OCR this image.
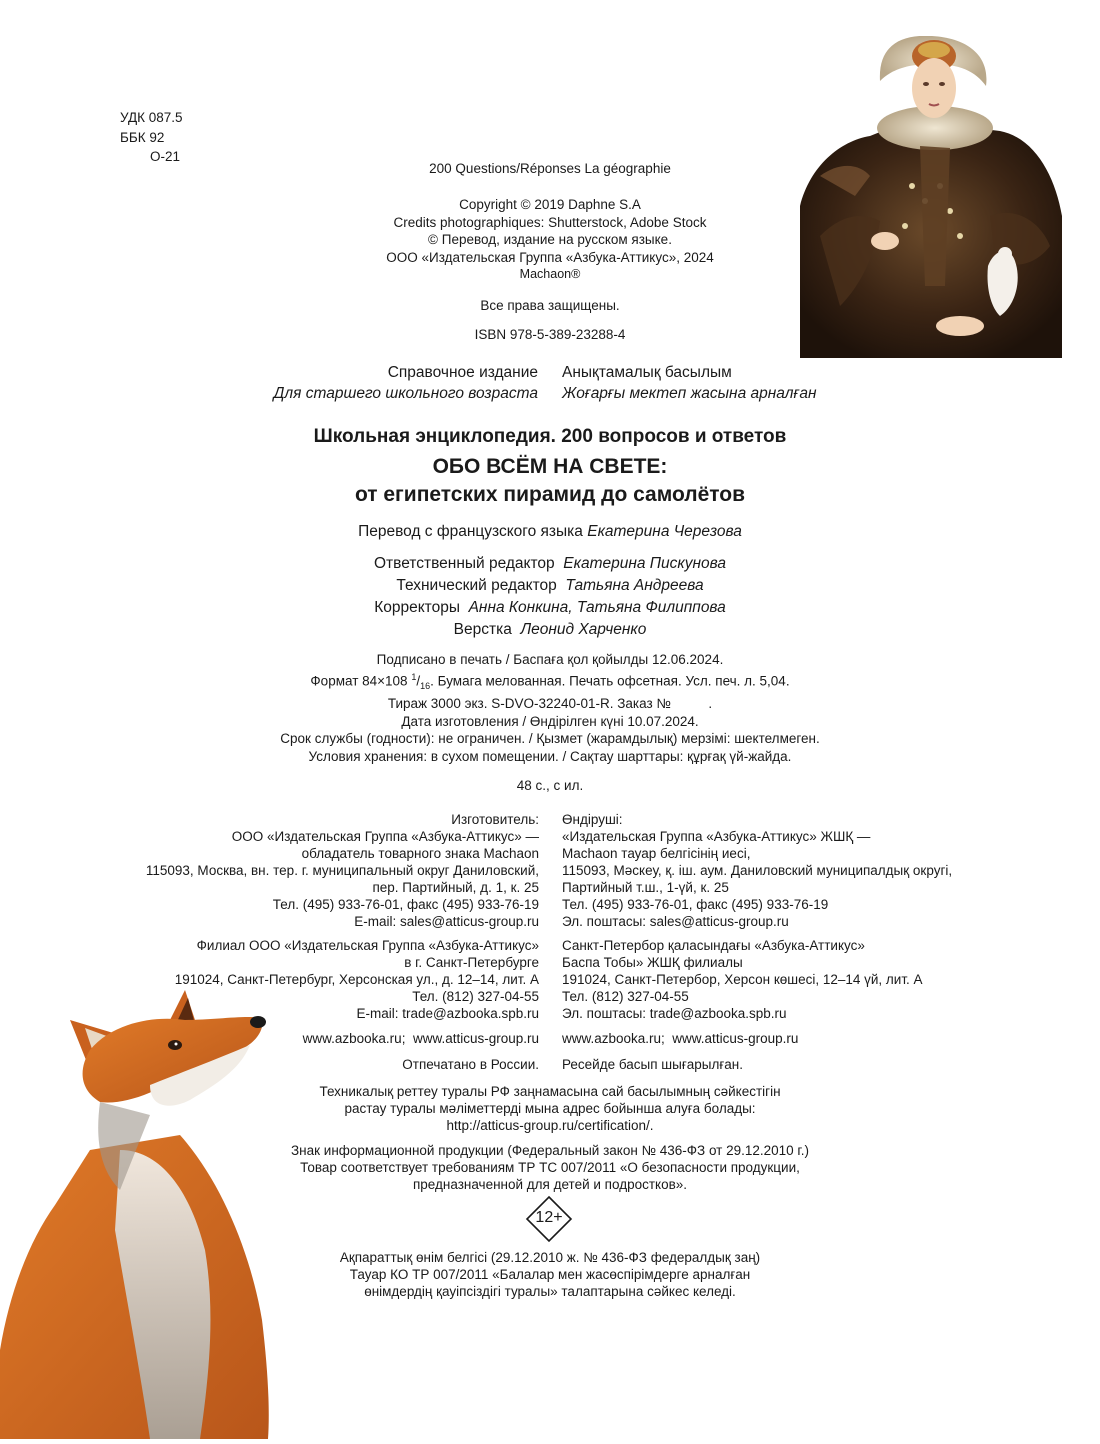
УДК 087.5
ББК 92
О-21
200 Questions/Réponses La géographie
Copyright © 2019 Daphne S.A
Credits photographiques: Shutterstock, Adobe Stock
© Перевод, издание на русском языке.
ООО «Издательская Группа «Азбука-Аттикус», 2024
Machaon®
Все права защищены.
ISBN 978-5-389-23288-4
Справочное издание
Для старшего школьного возраста
Анықтамалық басылым
Жоғарғы мектеп жасына арналған
Школьная энциклопедия. 200 вопросов и ответов
ОБО ВСЁМ НА СВЕТЕ:
от египетских пирамид до самолётов
Перевод с французского языка Екатерина Черезова
Ответственный редактор Екатерина Пискунова
Технический редактор Татьяна Андреева
Корректоры Анна Конкина, Татьяна Филиппова
Верстка Леонид Харченко
Подписано в печать / Баспаға қол қойылды 12.06.2024.
Формат 84×108 $^1/_{16}$. Бумага мелованная. Печать офсетная. Усл. печ. л. 5,04.
Тираж 3000 экз. S-DVO-32240-01-R. Заказ №          .
Дата изготовления / Өндірілген күні 10.07.2024.
Срок службы (годности): не ограничен. / Қызмет (жарамдылық) мерзімі: шектелмеген.
Условия хранения: в сухом помещении. / Сақтау шарттары: құрғақ үй-жайда.
48 с., с ил.
Изготовитель:
ООО «Издательская Группа «Азбука-Аттикус» —
обладатель товарного знака Machaon
115093, Москва, вн. тер. г. муниципальный округ Даниловский,
пер. Партийный, д. 1, к. 25
Тел. (495) 933-76-01, факс (495) 933-76-19
E-mail: sales@atticus-group.ru
Өндіруші:
«Издательская Группа «Азбука-Аттикус» ЖШҚ —
Machaon тауар белгісінің иесі,
115093, Мәскеу, қ. іш. аум. Даниловский муниципалдық округі,
Партийный т.ш., 1-үй, к. 25
Тел. (495) 933-76-01, факс (495) 933-76-19
Эл. поштасы: sales@atticus-group.ru
Филиал ООО «Издательская Группа «Азбука-Аттикус»
в г. Санкт-Петербурге
191024, Санкт-Петербург, Херсонская ул., д. 12–14, лит. А
Тел. (812) 327-04-55
E-mail: trade@azbooka.spb.ru
Санкт-Петербор қаласындағы «Азбука-Аттикус»
Баспа Тобы» ЖШҚ филиалы
191024, Санкт-Петербор, Херсон көшесі, 12–14 үй, лит. А
Тел. (812) 327-04-55
Эл. поштасы: trade@azbooka.spb.ru
www.azbooka.ru;  www.atticus-group.ru www.azbooka.ru;  www.atticus-group.ru
Отпечатано в России. Ресейде басып шығарылған.
Техникалық реттеу туралы РФ заңнамасына сай басылымның сәйкестігін
растау туралы мәліметтерді мына адрес бойынша алуға болады:
http://atticus-group.ru/certification/.
Знак информационной продукции (Федеральный закон № 436-ФЗ от 29.12.2010 г.)
Товар соответствует требованиям ТР ТС 007/2011 «О безопасности продукции,
предназначенной для детей и подростков».
12+
Ақпараттық өнім белгісі (29.12.2010 ж. № 436-ФЗ федералдық заң)
Тауар КО ТР 007/2011 «Балалар мен жасөспірімдерге арналған
өнімдердің қауіпсіздігі туралы» талаптарына сәйкес келеді.
